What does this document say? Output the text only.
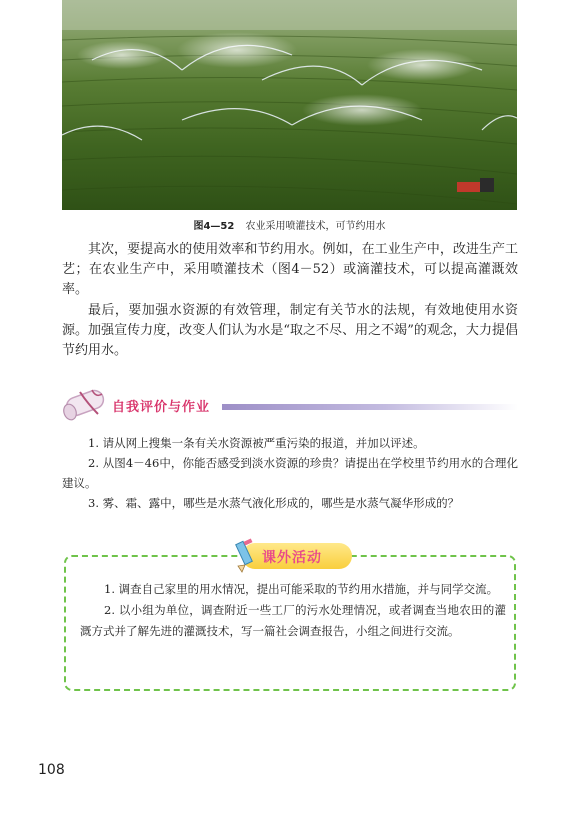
图4—52 农业采用喷灌技术，可节约用水

其次，要提高水的使用效率和节约用水。例如，在工业生产中，改进生产工艺；在农业生产中，采用喷灌技术（图4－52）或滴灌技术，可以提高灌溉效率。

最后，要加强水资源的有效管理，制定有关节水的法规，有效地使用水资源。加强宣传力度，改变人们认为水是“取之不尽、用之不竭”的观念，大力提倡节约用水。

自我评价与作业
1. 请从网上搜集一条有关水资源被严重污染的报道，并加以评述。
2. 从图4－46中，你能否感受到淡水资源的珍贵？请提出在学校里节约用水的合理化建议。
3. 雾、霜、露中，哪些是水蒸气液化形成的，哪些是水蒸气凝华形成的？
课外活动
1. 调查自己家里的用水情况，提出可能采取的节约用水措施，并与同学交流。
2. 以小组为单位，调查附近一些工厂的污水处理情况，或者调查当地农田的灌溉方式并了解先进的灌溉技术，写一篇社会调查报告，小组之间进行交流。
108
